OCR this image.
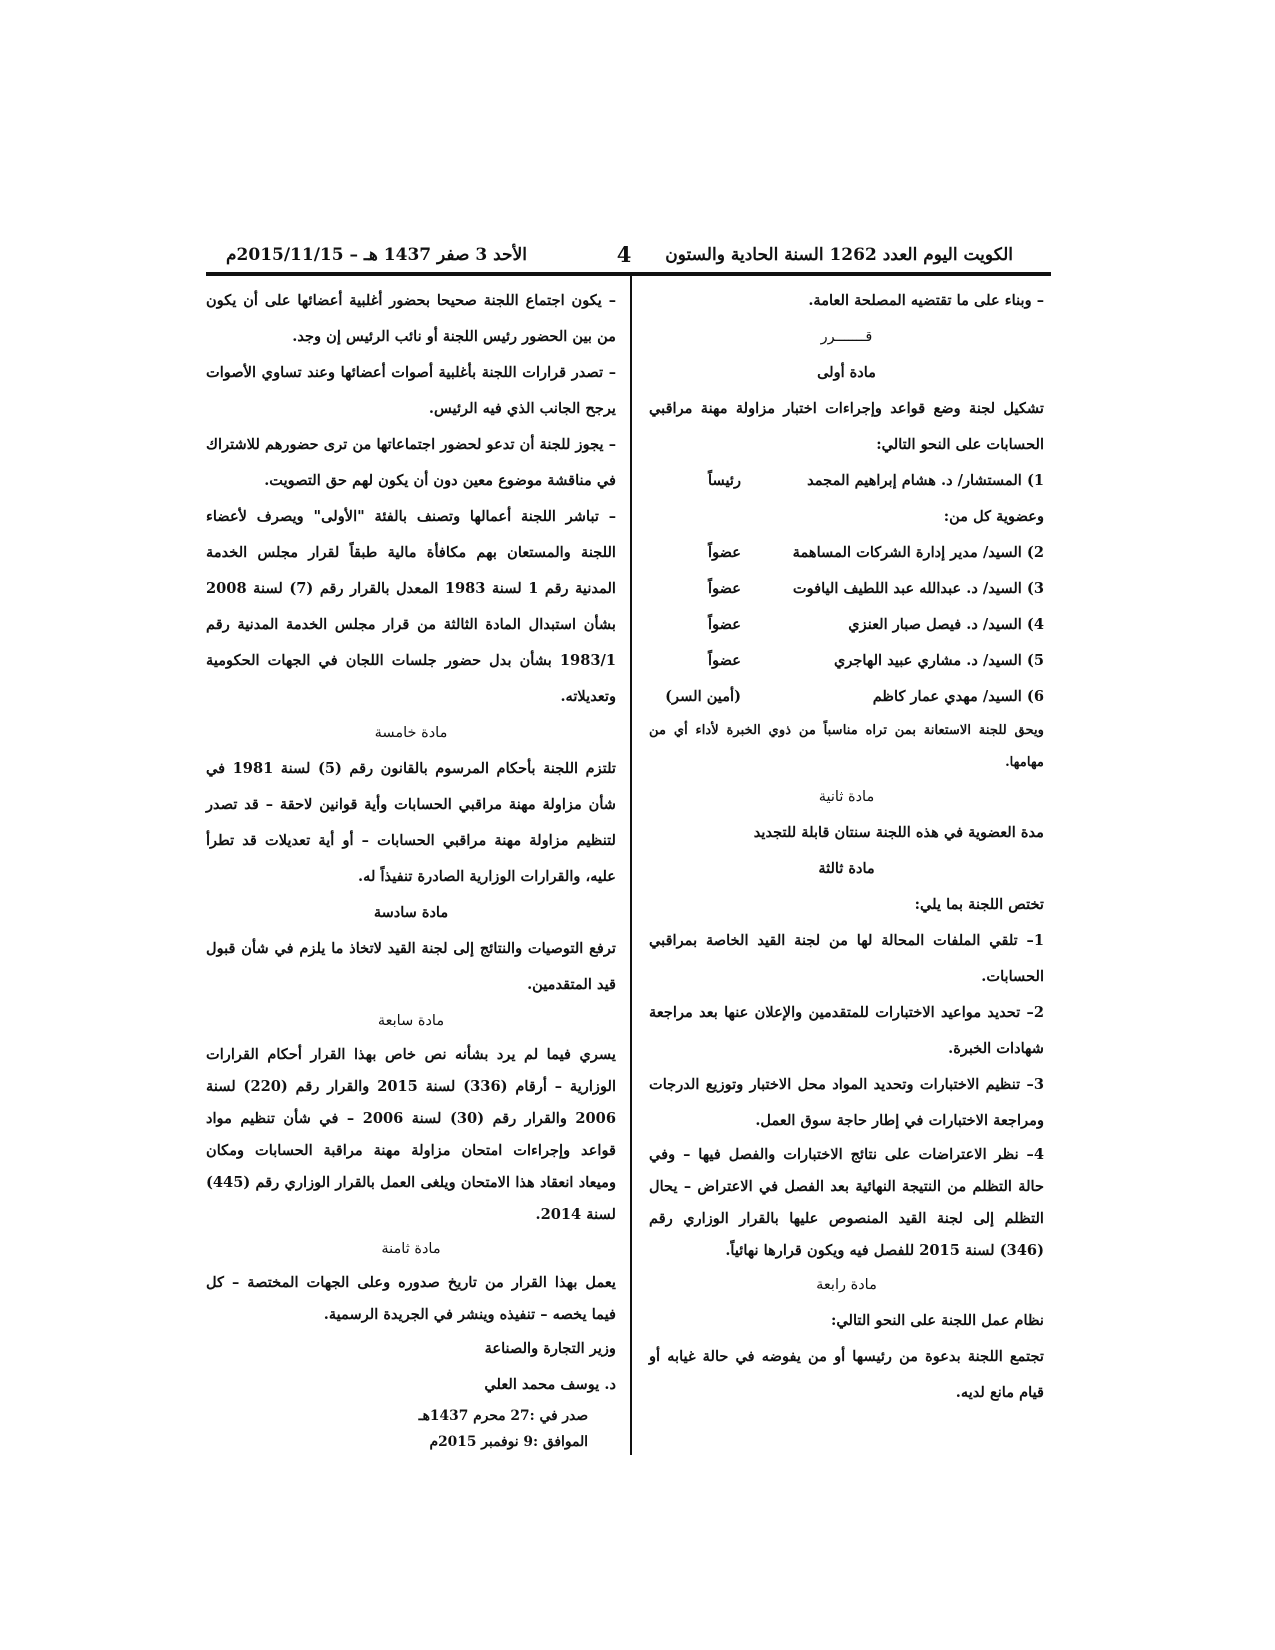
الكويت اليوم العدد 1262 السنة الحادية والستون
4
الأحد 3 صفر 1437 هـ – 2015/11/15م

– وبناء على ما تقتضيه المصلحة العامة.

قـــــــرر

مادة أولى

تشكيل لجنة وضع قواعد وإجراءات اختبار مزاولة مهنة مراقبي الحسابات على النحو التالي:

1) المستشار/ د. هشام إبراهيم المجمد
رئيساً

وعضوية كل من:

2) السيد/ مدير إدارة الشركات المساهمة
عضواً
3) السيد/ د. عبدالله عبد اللطيف اليافوت
عضواً
4) السيد/ د. فيصل صبار العنزي
عضواً
5) السيد/ د. مشاري عبيد الهاجري
عضواً
6) السيد/ مهدي عمار كاظم
(أمين السر)

ويحق للجنة الاستعانة بمن تراه مناسباً من ذوي الخبرة لأداء أي من مهامها.

مادة ثانية

مدة العضوية في هذه اللجنة سنتان قابلة للتجديد

مادة ثالثة

تختص اللجنة بما يلي:

1– تلقي الملفات المحالة لها من لجنة القيد الخاصة بمراقبي الحسابات.

2– تحديد مواعيد الاختبارات للمتقدمين والإعلان عنها بعد مراجعة شهادات الخبرة.

3– تنظيم الاختبارات وتحديد المواد محل الاختبار وتوزيع الدرجات ومراجعة الاختبارات في إطار حاجة سوق العمل.

4– نظر الاعتراضات على نتائج الاختبارات والفصل فيها – وفي حالة التظلم من النتيجة النهائية بعد الفصل في الاعتراض – يحال التظلم إلى لجنة القيد المنصوص عليها بالقرار الوزاري رقم (346) لسنة 2015 للفصل فيه ويكون قرارها نهائياً.

مادة رابعة

نظام عمل اللجنة على النحو التالي:

تجتمع اللجنة بدعوة من رئيسها أو من يفوضه في حالة غيابه أو قيام مانع لديه.

– يكون اجتماع اللجنة صحيحا بحضور أغلبية أعضائها على أن يكون من بين الحضور رئيس اللجنة أو نائب الرئيس إن وجد.

– تصدر قرارات اللجنة بأغلبية أصوات أعضائها وعند تساوي الأصوات يرجح الجانب الذي فيه الرئيس.

– يجوز للجنة أن تدعو لحضور اجتماعاتها من ترى حضورهم للاشتراك في مناقشة موضوع معين دون أن يكون لهم حق التصويت.

– تباشر اللجنة أعمالها وتصنف بالفئة "الأولى" ويصرف لأعضاء اللجنة والمستعان بهم مكافأة مالية طبقاً لقرار مجلس الخدمة المدنية رقم 1 لسنة 1983 المعدل بالقرار رقم (7) لسنة 2008 بشأن استبدال المادة الثالثة من قرار مجلس الخدمة المدنية رقم 1983/1 بشأن بدل حضور جلسات اللجان في الجهات الحكومية وتعديلاته.

مادة خامسة

تلتزم اللجنة بأحكام المرسوم بالقانون رقم (5) لسنة 1981 في شأن مزاولة مهنة مراقبي الحسابات وأية قوانين لاحقة – قد تصدر لتنظيم مزاولة مهنة مراقبي الحسابات – أو أية تعديلات قد تطرأ عليه، والقرارات الوزارية الصادرة تنفيذاً له.

مادة سادسة

ترفع التوصيات والنتائج إلى لجنة القيد لاتخاذ ما يلزم في شأن قبول قيد المتقدمين.

مادة سابعة

يسري فيما لم يرد بشأنه نص خاص بهذا القرار أحكام القرارات الوزارية – أرقام (336) لسنة 2015 والقرار رقم (220) لسنة 2006 والقرار رقم (30) لسنة 2006 – في شأن تنظيم مواد قواعد وإجراءات امتحان مزاولة مهنة مراقبة الحسابات ومكان وميعاد انعقاد هذا الامتحان ويلغى العمل بالقرار الوزاري رقم (445) لسنة 2014.

مادة ثامنة

يعمل بهذا القرار من تاريخ صدوره وعلى الجهات المختصة – كل فيما يخصه – تنفيذه وينشر في الجريدة الرسمية.

وزير التجارة والصناعة

د. يوسف محمد العلي

صدر في :27 محرم 1437هـ
الموافق :9 نوفمبر 2015م
